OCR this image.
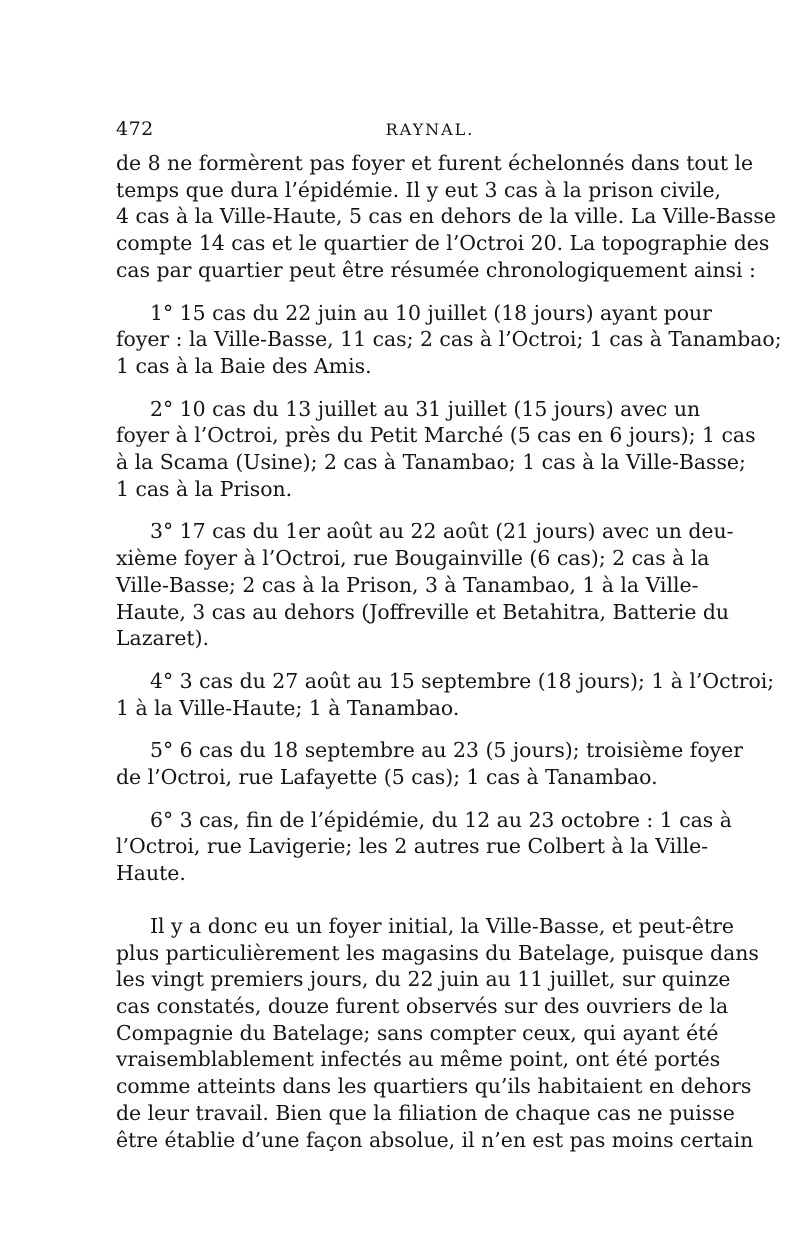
472	RAYNAL.
de 8 ne formèrent pas foyer et furent échelonnés dans tout le
temps que dura l’épidémie. Il y eut 3 cas à la prison civile,
4 cas à la Ville-Haute, 5 cas en dehors de la ville. La Ville-Basse
compte 14 cas et le quartier de l’Octroi 20. La topographie des
cas par quartier peut être résumée chronologiquement ainsi :
1° 15 cas du 22 juin au 10 juillet (18 jours) ayant pour
foyer : la Ville-Basse, 11 cas; 2 cas à l’Octroi; 1 cas à Tanambao;
1 cas à la Baie des Amis.
2° 10 cas du 13 juillet au 31 juillet (15 jours) avec un
foyer à l’Octroi, près du Petit Marché (5 cas en 6 jours); 1 cas
à la Scama (Usine); 2 cas à Tanambao; 1 cas à la Ville-Basse;
1 cas à la Prison.
3° 17 cas du 1er août au 22 août (21 jours) avec un deu-
xième foyer à l’Octroi, rue Bougainville (6 cas); 2 cas à la
Ville-Basse; 2 cas à la Prison, 3 à Tanambao, 1 à la Ville-
Haute, 3 cas au dehors (Joffreville et Betahitra, Batterie du
Lazaret).
4° 3 cas du 27 août au 15 septembre (18 jours); 1 à l’Octroi;
1 à la Ville-Haute; 1 à Tanambao.
5° 6 cas du 18 septembre au 23 (5 jours); troisième foyer
de l’Octroi, rue Lafayette (5 cas); 1 cas à Tanambao.
6° 3 cas, fin de l’épidémie, du 12 au 23 octobre : 1 cas à
l’Octroi, rue Lavigerie; les 2 autres rue Colbert à la Ville-
Haute.
Il y a donc eu un foyer initial, la Ville-Basse, et peut-être
plus particulièrement les magasins du Batelage, puisque dans
les vingt premiers jours, du 22 juin au 11 juillet, sur quinze
cas constatés, douze furent observés sur des ouvriers de la
Compagnie du Batelage; sans compter ceux, qui ayant été
vraisemblablement infectés au même point, ont été portés
comme atteints dans les quartiers qu’ils habitaient en dehors
de leur travail. Bien que la filiation de chaque cas ne puisse
être établie d’une façon absolue, il n’en est pas moins certain
